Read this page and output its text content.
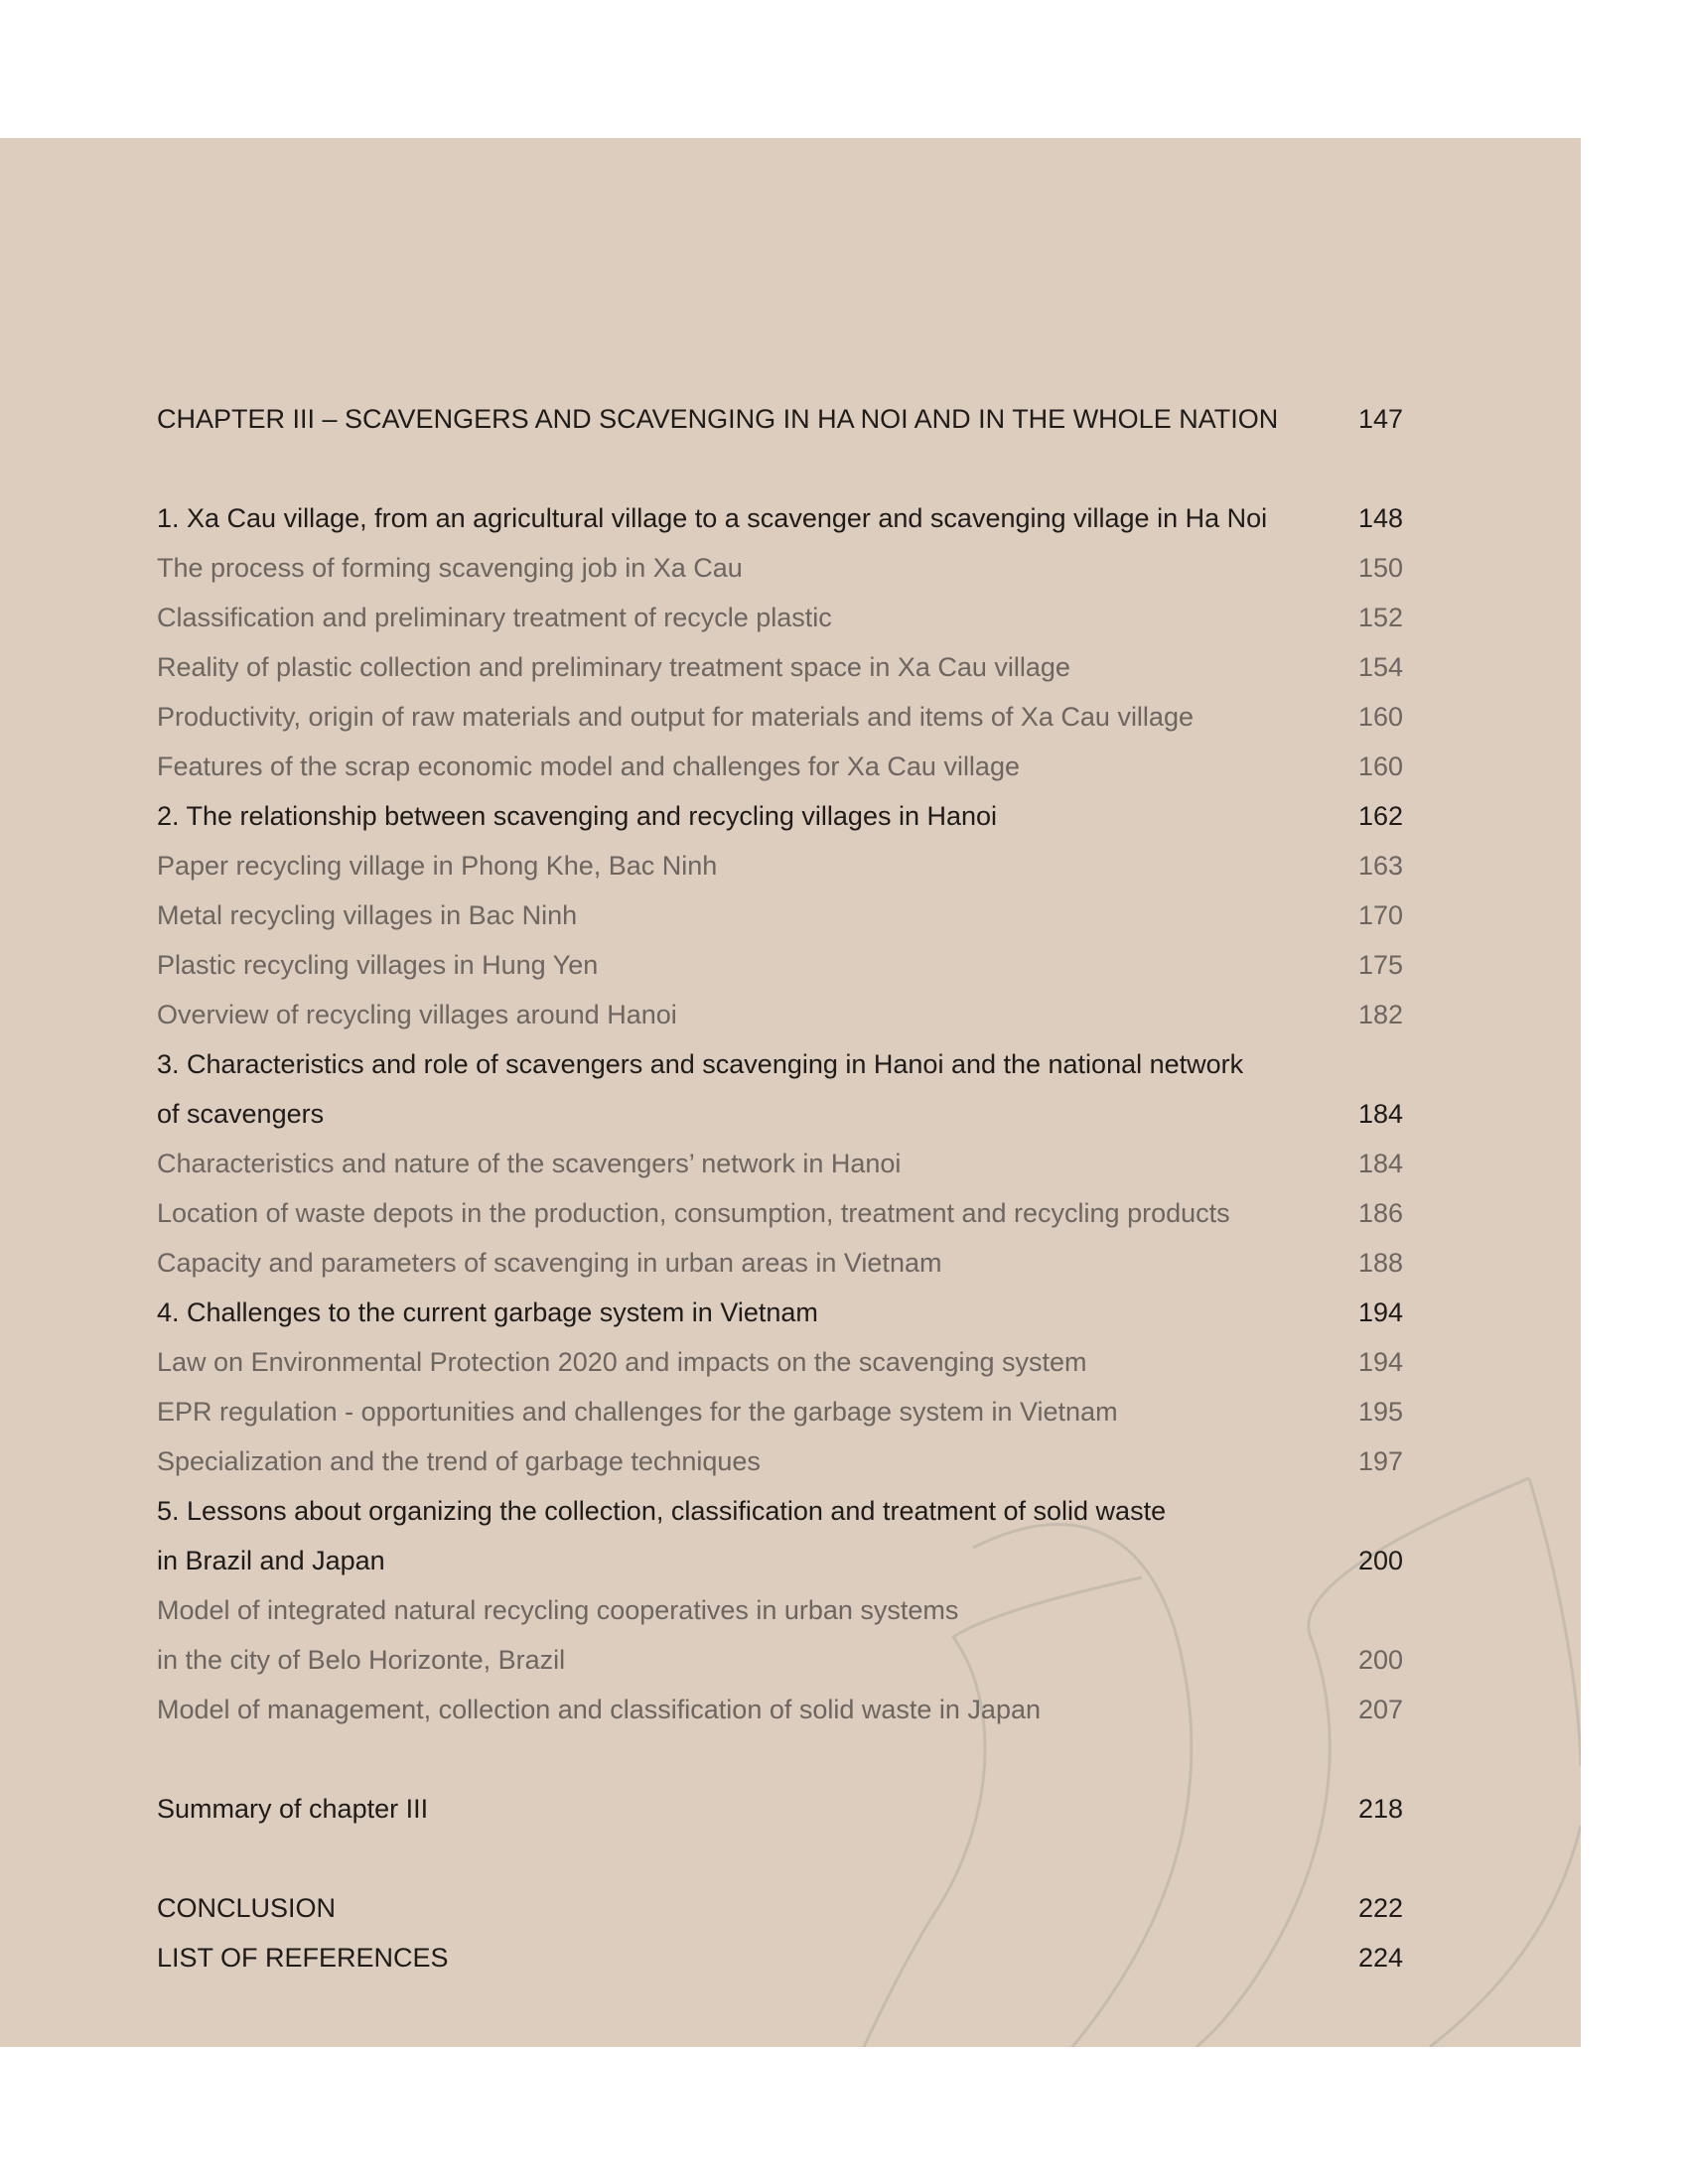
CHAPTER III – SCAVENGERS AND SCAVENGING IN HA NOI AND IN THE WHOLE NATION	147
1. Xa Cau village, from an agricultural village to a scavenger and scavenging village in Ha Noi	148
The process of forming scavenging job in Xa Cau	150
Classification and preliminary treatment of recycle plastic	152
Reality of plastic collection and preliminary treatment space in Xa Cau village	154
Productivity, origin of raw materials and output for materials and items of Xa Cau village	160
Features of the scrap economic model and challenges for Xa Cau village	160
2. The relationship between scavenging and recycling villages in Hanoi	162
Paper recycling village in Phong Khe, Bac Ninh	163
Metal recycling villages in Bac Ninh	170
Plastic recycling villages in Hung Yen	175
Overview of recycling villages around Hanoi	182
3. Characteristics and role of scavengers and scavenging in Hanoi and the national network
of scavengers	184
Characteristics and nature of the scavengers’ network in Hanoi	184
Location of waste depots in the production, consumption, treatment and recycling products	186
Capacity and parameters of scavenging in urban areas in Vietnam	188
4. Challenges to the current garbage system in Vietnam	194
Law on Environmental Protection 2020 and impacts on the scavenging system	194
EPR regulation - opportunities and challenges for the garbage system in Vietnam	195
Specialization and the trend of garbage techniques	197
5. Lessons about organizing the collection, classification and treatment of solid waste
in Brazil and Japan	200
Model of integrated natural recycling cooperatives in urban systems
in the city of Belo Horizonte, Brazil	200
Model of management, collection and classification of solid waste in Japan	207
Summary of chapter III	218
CONCLUSION	222
LIST OF REFERENCES	224
